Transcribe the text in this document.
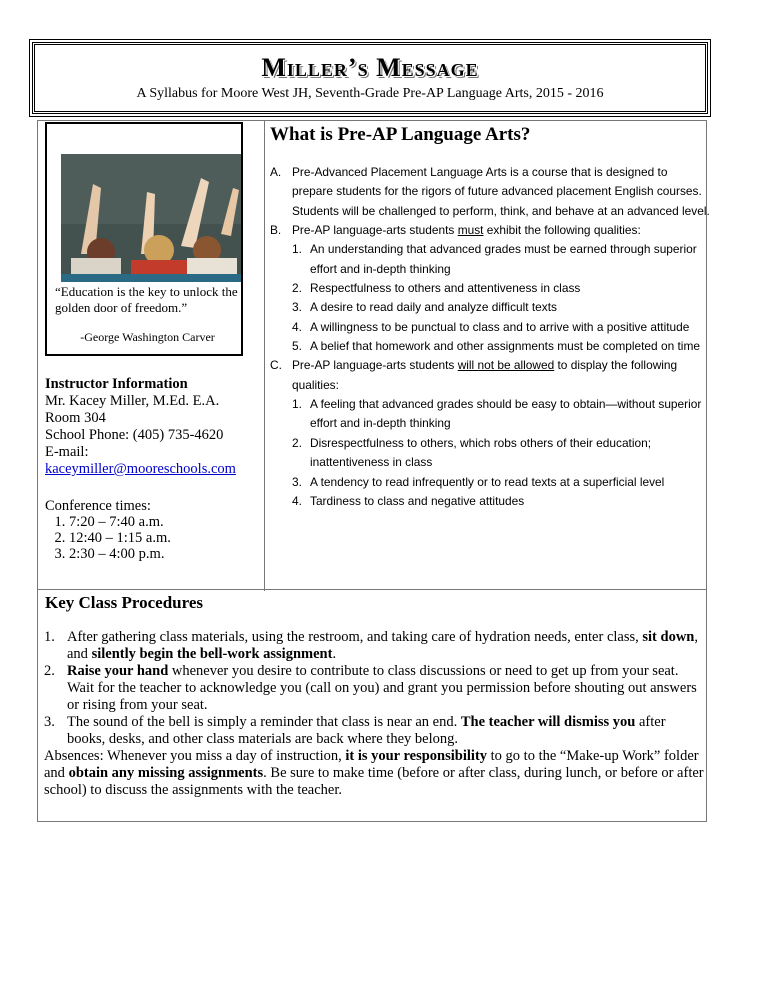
Miller’s Message
A Syllabus for Moore West JH, Seventh-Grade Pre-AP Language Arts, 2015 - 2016
“Education is the key to unlock the golden door of freedom.”
-George Washington Carver
Instructor Information
Mr. Kacey Miller, M.Ed. E.A.
Room 304
School Phone: (405) 735-4620
E-mail:
kaceymiller@mooreschools.com
Conference times:
1. 7:20 – 7:40 a.m.
2. 12:40 – 1:15 a.m.
3. 2:30 – 4:00 p.m.
What is Pre-AP Language Arts?
A. Pre-Advanced Placement Language Arts is a course that is designed to prepare students for the rigors of future advanced placement English courses. Students will be challenged to perform, think, and behave at an advanced level.
B. Pre-AP language-arts students must exhibit the following qualities:
1. An understanding that advanced grades must be earned through superior effort and in-depth thinking
2. Respectfulness to others and attentiveness in class
3. A desire to read daily and analyze difficult texts
4. A willingness to be punctual to class and to arrive with a positive attitude
5. A belief that homework and other assignments must be completed on time
C. Pre-AP language-arts students will not be allowed to display the following qualities:
1. A feeling that advanced grades should be easy to obtain—without superior effort and in-depth thinking
2. Disrespectfulness to others, which robs others of their education; inattentiveness in class
3. A tendency to read infrequently or to read texts at a superficial level
4. Tardiness to class and negative attitudes
Key Class Procedures
1. After gathering class materials, using the restroom, and taking care of hydration needs, enter class, sit down, and silently begin the bell-work assignment.
2. Raise your hand whenever you desire to contribute to class discussions or need to get up from your seat. Wait for the teacher to acknowledge you (call on you) and grant you permission before shouting out answers or rising from your seat.
3. The sound of the bell is simply a reminder that class is near an end. The teacher will dismiss you after books, desks, and other class materials are back where they belong.
Absences: Whenever you miss a day of instruction, it is your responsibility to go to the “Make-up Work” folder and obtain any missing assignments. Be sure to make time (before or after class, during lunch, or before or after school) to discuss the assignments with the teacher.
